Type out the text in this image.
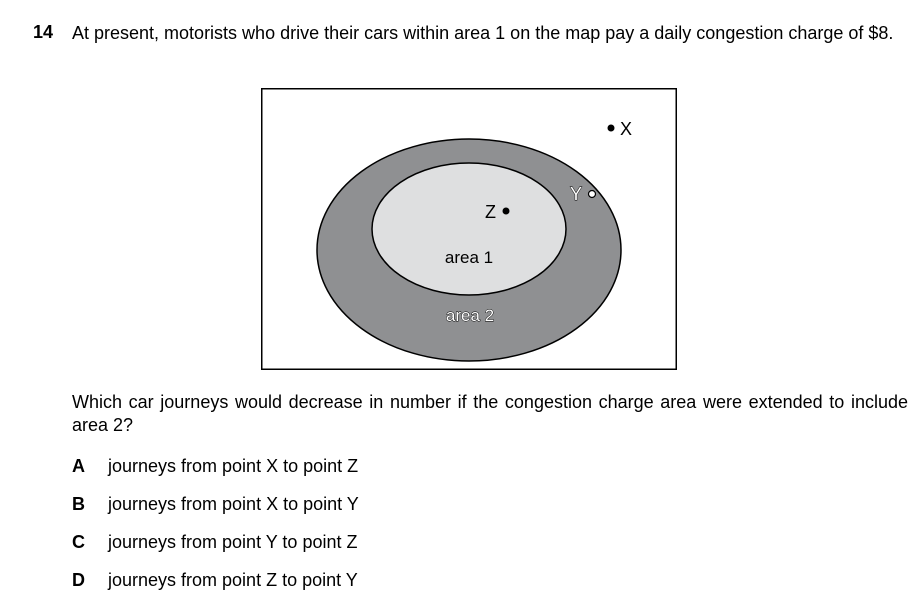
14 At present, motorists who drive their cars within area 1 on the map pay a daily congestion charge of $8.
X
Y
Z
area 1
area 2
Which car journeys would decrease in number if the congestion charge area were extended to include area 2?
A journeys from point X to point Z
B journeys from point X to point Y
C journeys from point Y to point Z
D journeys from point Z to point Y
